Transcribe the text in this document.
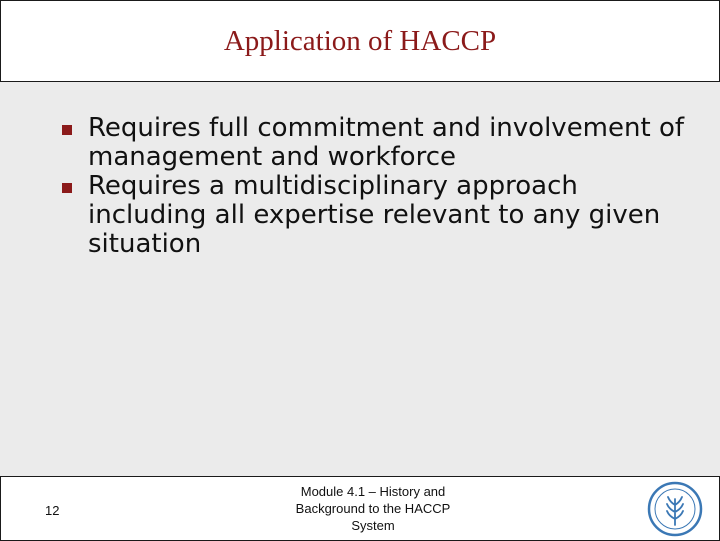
Application of HACCP
Requires full commitment and involvement of management and workforce
Requires a multidisciplinary approach including all expertise relevant to any given situation
12
Module 4.1 – History and
Background to the HACCP
System
